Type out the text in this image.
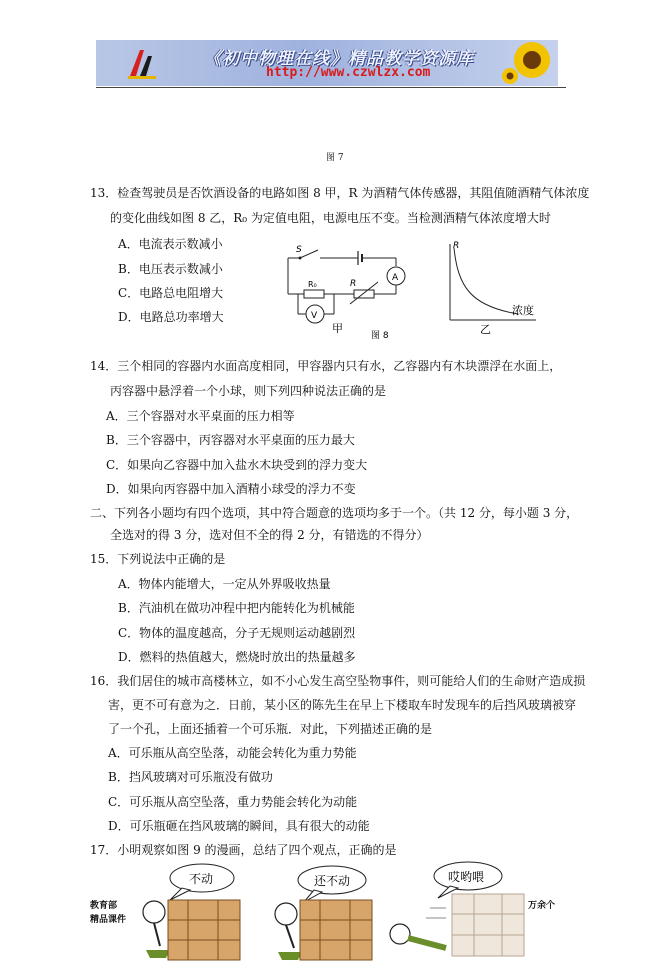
《初中物理在线》精品教学资源库
http://www.czwlzx.com
图 7
13．检查驾驶员是否饮酒设备的电路如图 8 甲，R 为酒精气体传感器，其阻值随酒精气体浓度
的变化曲线如图 8 乙，R₀ 为定值电阻，电源电压不变。当检测酒精气体浓度增大时
A．电流表示数减小
B．电压表示数减小
C．电路总电阻增大
D．电路总功率增大
S
R₀	R
A
V
甲
图 8
R
浓度
乙
14．三个相同的容器内水面高度相同，甲容器内只有水，乙容器内有木块漂浮在水面上，
丙容器中悬浮着一个小球，则下列四种说法正确的是
A．三个容器对水平桌面的压力相等
B．三个容器中，丙容器对水平桌面的压力最大
C．如果向乙容器中加入盐水木块受到的浮力变大
D．如果向丙容器中加入酒精小球受的浮力不变
二、下列各小题均有四个选项，其中符合题意的选项均多于一个。（共 12 分，每小题 3 分，
全选对的得 3 分，选对但不全的得 2 分，有错选的不得分）
15．下列说法中正确的是
A．物体内能增大，一定从外界吸收热量
B．汽油机在做功冲程中把内能转化为机械能
C．物体的温度越高，分子无规则运动越剧烈
D．燃料的热值越大，燃烧时放出的热量越多
16．我们居住的城市高楼林立，如不小心发生高空坠物事件，则可能给人们的生命财产造成损
害，更不可有意为之．日前，某小区的陈先生在早上下楼取车时发现车的后挡风玻璃被穿
了一个孔，上面还插着一个可乐瓶．对此，下列描述正确的是
A．可乐瓶从高空坠落，动能会转化为重力势能
B．挡风玻璃对可乐瓶没有做功
C．可乐瓶从高空坠落，重力势能会转化为动能
D．可乐瓶砸在挡风玻璃的瞬间，具有很大的动能
17．小明观察如图 9 的漫画，总结了四个观点，正确的是
不动	还不动	哎哟喂
教育部
精品课件
万余个
